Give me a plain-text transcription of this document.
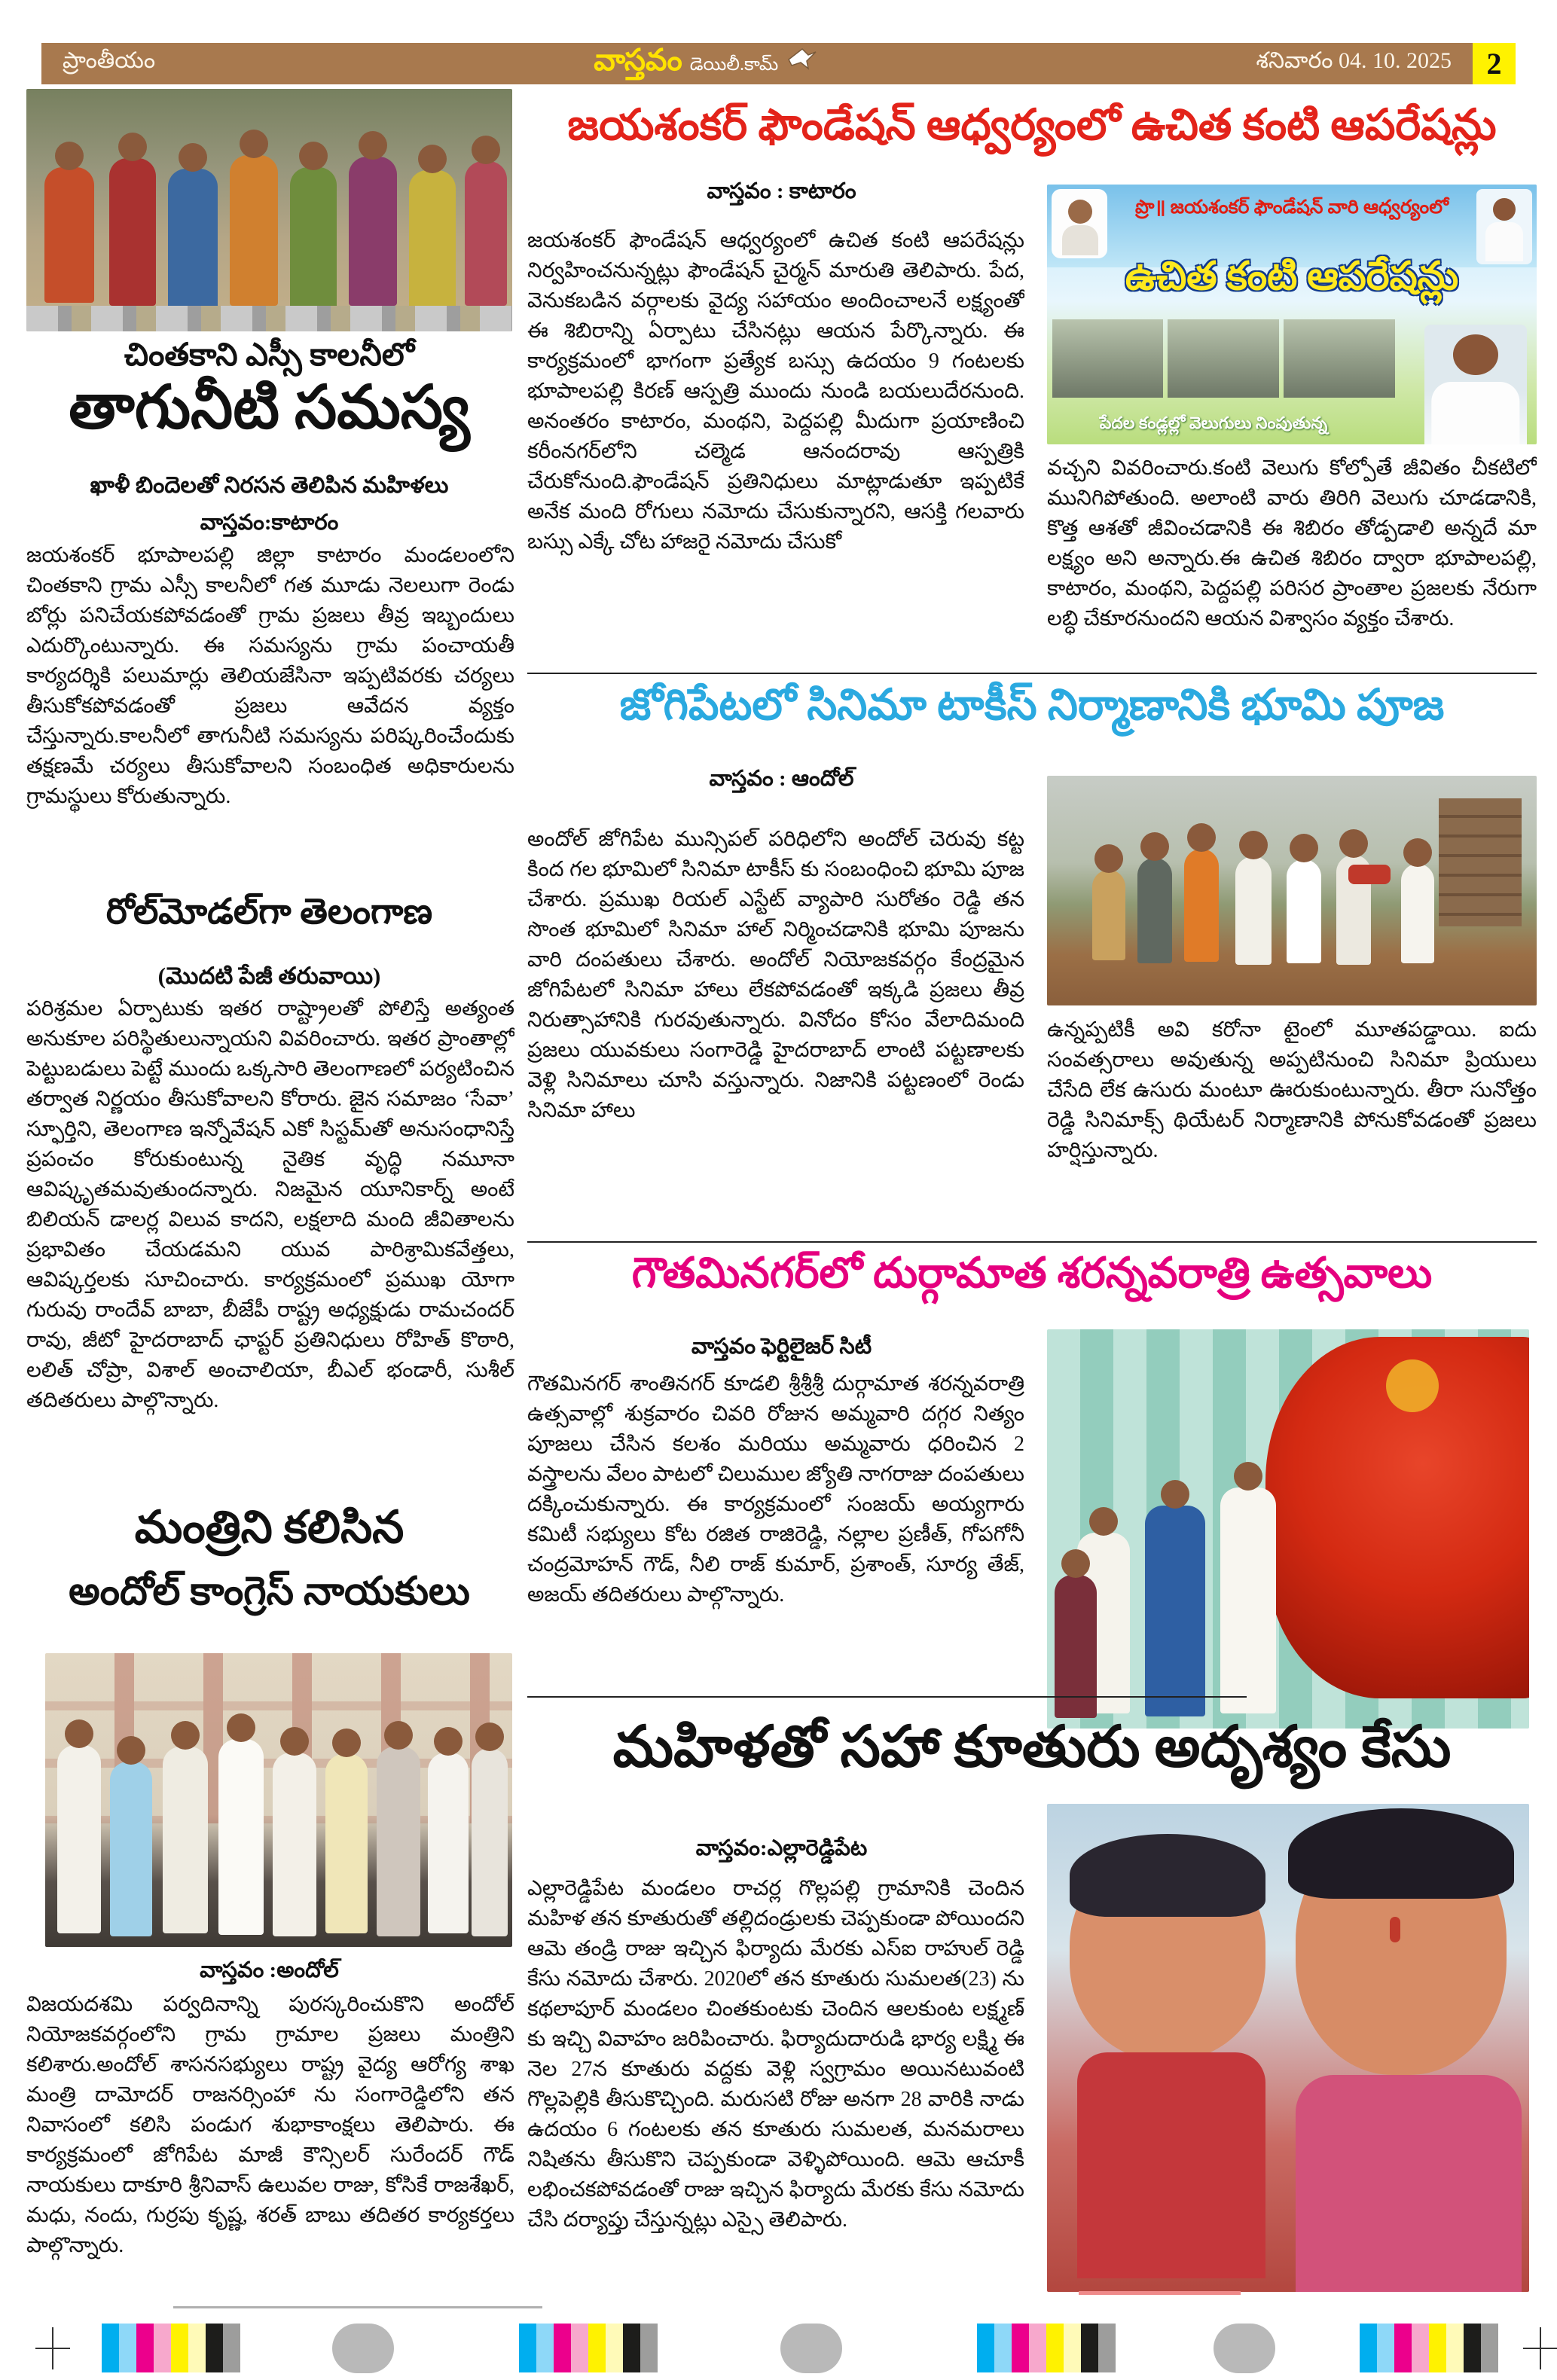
ప్రాంతీయం	వాస్తవం డెయిలీ.కామ్	శనివారం 04. 10. 2025	2
చింతకాని ఎస్సీ కాలనీలో
తాగునీటి సమస్య
ఖాళీ బిందెలతో నిరసన తెలిపిన మహిళలు
వాస్తవం:కాటారం
జయశంకర్ భూపాలపల్లి జిల్లా కాటారం మండలంలోని చింతకాని గ్రామ ఎస్సీ కాలనీలో గత మూడు నెలలుగా రెండు బోర్లు పనిచేయకపోవడంతో గ్రామ ప్రజలు తీవ్ర ఇబ్బందులు ఎదుర్కొంటున్నారు. ఈ సమస్యను గ్రామ పంచాయతీ కార్యదర్శికి పలుమార్లు తెలియజేసినా ఇప్పటివరకు చర్యలు తీసుకోకపోవడంతో ప్రజలు ఆవేదన వ్యక్తం చేస్తున్నారు.కాలనీలో తాగునీటి సమస్యను పరిష్కరించేందుకు తక్షణమే చర్యలు తీసుకోవాలని సంబంధిత అధికారులను గ్రామస్థులు కోరుతున్నారు.
రోల్‌మోడల్‌గా తెలంగాణ
(మొదటి పేజీ తరువాయి)
పరిశ్రమల ఏర్పాటుకు ఇతర రాష్ట్రాలతో పోలిస్తే అత్యంత అనుకూల పరిస్థితులున్నాయని వివరించారు. ఇతర ప్రాంతాల్లో పెట్టుబడులు పెట్టే ముందు ఒక్కసారి తెలంగాణలో పర్యటించిన తర్వాత నిర్ణయం తీసుకోవాలని కోరారు. జైన సమాజం ‘సేవా’ స్ఫూర్తిని, తెలంగాణ ఇన్నోవేషన్ ఎకో సిస్టమ్‌తో అనుసంధానిస్తే ప్రపంచం కోరుకుంటున్న నైతిక వృద్ధి నమూనా ఆవిష్కృతమవుతుందన్నారు. నిజమైన యూనికార్న్ అంటే బిలియన్ డాలర్ల విలువ కాదని, లక్షలాది మంది జీవితాలను ప్రభావితం చేయడమని యువ పారిశ్రామికవేత్తలు, ఆవిష్కర్తలకు సూచించారు. కార్యక్రమంలో ప్రముఖ యోగా గురువు రాందేవ్ బాబా, బీజేపీ రాష్ట్ర అధ్యక్షుడు రామచందర్ రావు, జీటో హైదరాబాద్ ఛాప్టర్ ప్రతినిధులు రోహిత్ కొఠారి, లలిత్ చోప్రా, విశాల్ అంచాలియా, బీఎల్ భండారీ, సుశీల్ తదితరులు పాల్గొన్నారు.
మంత్రిని కలిసిన
అందోల్ కాంగ్రెస్ నాయకులు
వాస్తవం :అందోల్
విజయదశమి పర్వదినాన్ని పురస్కరించుకొని అందోల్ నియోజకవర్గంలోని గ్రామ గ్రామాల ప్రజలు మంత్రిని కలిశారు.అందోల్ శాసనసభ్యులు రాష్ట్ర వైద్య ఆరోగ్య శాఖ మంత్రి దామోదర్ రాజనర్సింహా ను సంగారెడ్డిలోని తన నివాసంలో కలిసి పండుగ శుభాకాంక్షలు తెలిపారు. ఈ కార్యక్రమంలో జోగిపేట మాజీ కౌన్సిలర్ సురేందర్ గౌడ్ నాయకులు దాకూరి శ్రీనివాస్ ఉలువల రాజు, కోసికే రాజశేఖర్, మధు, నందు, గుర్రపు కృష్ణ, శరత్ బాబు తదితర కార్యకర్తలు పాల్గొన్నారు.
జయశంకర్ ఫౌండేషన్ ఆధ్వర్యంలో ఉచిత కంటి ఆపరేషన్లు
వాస్తవం : కాటారం
జయశంకర్ ఫౌండేషన్ ఆధ్వర్యంలో ఉచిత కంటి ఆపరేషన్లు నిర్వహించనున్నట్లు ఫౌండేషన్ చైర్మన్ మారుతి తెలిపారు. పేద, వెనుకబడిన వర్గాలకు వైద్య సహాయం అందించాలనే లక్ష్యంతో ఈ శిబిరాన్ని ఏర్పాటు చేసినట్లు ఆయన పేర్కొన్నారు. ఈ కార్యక్రమంలో భాగంగా ప్రత్యేక బస్సు ఉదయం 9 గంటలకు భూపాలపల్లి కిరణ్ ఆస్పత్రి ముందు నుండి బయలుదేరనుంది. అనంతరం కాటారం, మంథని, పెద్దపల్లి మీదుగా ప్రయాణించి కరీంనగర్‌లోని చల్మెడ ఆనందరావు ఆస్పత్రికి చేరుకోనుంది.ఫౌండేషన్ ప్రతినిధులు మాట్లాడుతూ ఇప్పటికే అనేక మంది రోగులు నమోదు చేసుకున్నారని, ఆసక్తి గలవారు బస్సు ఎక్కే చోట హాజరై నమోదు చేసుకో
ప్రొ॥ జయశంకర్ ఫౌండేషన్ వారి ఆధ్వర్యంలో
ఉచిత కంటి ఆపరేషన్లు
పేదల కండ్లల్లో వెలుగులు నింపుతున్న
వచ్చని వివరించారు.కంటి వెలుగు కోల్పోతే జీవితం చీకటిలో మునిగిపోతుంది. అలాంటి వారు తిరిగి వెలుగు చూడడానికి, కొత్త ఆశతో జీవించడానికి ఈ శిబిరం తోడ్పడాలి అన్నదే మా లక్ష్యం అని అన్నారు.ఈ ఉచిత శిబిరం ద్వారా భూపాలపల్లి, కాటారం, మంథని, పెద్దపల్లి పరిసర ప్రాంతాల ప్రజలకు నేరుగా లబ్ధి చేకూరనుందని ఆయన విశ్వాసం వ్యక్తం చేశారు.
జోగిపేటలో సినిమా టాకీస్ నిర్మాణానికి భూమి పూజ
వాస్తవం : ఆందోల్
అందోల్ జోగిపేట మున్సిపల్ పరిధిలోని అందోల్ చెరువు కట్ట కింద గల భూమిలో సినిమా టాకీస్ కు సంబంధించి భూమి పూజ చేశారు. ప్రముఖ రియల్ ఎస్టేట్ వ్యాపారి సురోతం రెడ్డి తన సొంత భూమిలో సినిమా హాల్ నిర్మించడానికి భూమి పూజను వారి దంపతులు చేశారు. అందోల్ నియోజకవర్గం కేంద్రమైన జోగిపేటలో సినిమా హాలు లేకపోవడంతో ఇక్కడి ప్రజలు తీవ్ర నిరుత్సాహానికి గురవుతున్నారు. వినోదం కోసం వేలాదిమంది ప్రజలు యువకులు సంగారెడ్డి హైదరాబాద్ లాంటి పట్టణాలకు వెళ్లి సినిమాలు చూసి వస్తున్నారు. నిజానికి పట్టణంలో రెండు సినిమా హాలు
ఉన్నప్పటికీ అవి కరోనా టైంలో మూతపడ్డాయి. ఐదు సంవత్సరాలు అవుతున్న అప్పటినుంచి సినిమా ప్రియులు చేసేది లేక ఉసురు మంటూ ఊరుకుంటున్నారు. తీరా సునోత్తం రెడ్డి సినిమాక్స్ థియేటర్ నిర్మాణానికి పోనుకోవడంతో ప్రజలు హర్షిస్తున్నారు.
గౌతమినగర్‌లో దుర్గామాత శరన్నవరాత్రి ఉత్సవాలు
వాస్తవం ఫెర్టిలైజర్ సిటీ
గౌతమినగర్ శాంతినగర్ కూడలి శ్రీశ్రీశ్రీ దుర్గామాత శరన్నవరాత్రి ఉత్సవాల్లో శుక్రవారం చివరి రోజున అమ్మవారి దగ్గర నిత్యం పూజలు చేసిన కలశం మరియు అమ్మవారు ధరించిన 2 వస్త్రాలను వేలం పాటలో చిలుముల జ్యోతి నాగరాజు దంపతులు దక్కించుకున్నారు. ఈ కార్యక్రమంలో సంజయ్ అయ్యగారు కమిటీ సభ్యులు కోట రజిత రాజిరెడ్డి, నల్లాల ప్రణీత్, గోపగోనీ చంద్రమోహన్ గౌడ్, నీలి రాజ్ కుమార్, ప్రశాంత్, సూర్య తేజ్, అజయ్ తదితరులు పాల్గొన్నారు.
మహిళతో సహా కూతురు అదృశ్యం కేసు
వాస్తవం:ఎల్లారెడ్డిపేట
ఎల్లారెడ్డిపేట మండలం రాచర్ల గొల్లపల్లి గ్రామానికి చెందిన మహిళ తన కూతురుతో తల్లిదండ్రులకు చెప్పకుండా పోయిందని ఆమె తండ్రి రాజు ఇచ్చిన ఫిర్యాదు మేరకు ఎస్ఐ రాహుల్ రెడ్డి కేసు నమోదు చేశారు. 2020లో తన కూతురు సుమలత(23) ను కథలాపూర్ మండలం చింతకుంటకు చెందిన ఆలకుంట లక్ష్మణ్ కు ఇచ్చి వివాహం జరిపించారు. ఫిర్యాదుదారుడి భార్య లక్ష్మి ఈ నెల 27న కూతురు వద్దకు వెళ్లి స్వగ్రామం అయినటువంటి గొల్లపెల్లికి తీసుకొచ్చింది. మరుసటి రోజు అనగా 28 వారికి నాడు ఉదయం 6 గంటలకు తన కూతురు సుమలత, మనమరాలు నిషితను తీసుకొని చెప్పకుండా వెళ్ళిపోయింది. ఆమె ఆచూకీ లభించకపోవడంతో రాజు ఇచ్చిన ఫిర్యాదు మేరకు కేసు నమోదు చేసి దర్యాప్తు చేస్తున్నట్లు ఎస్సై తెలిపారు.
